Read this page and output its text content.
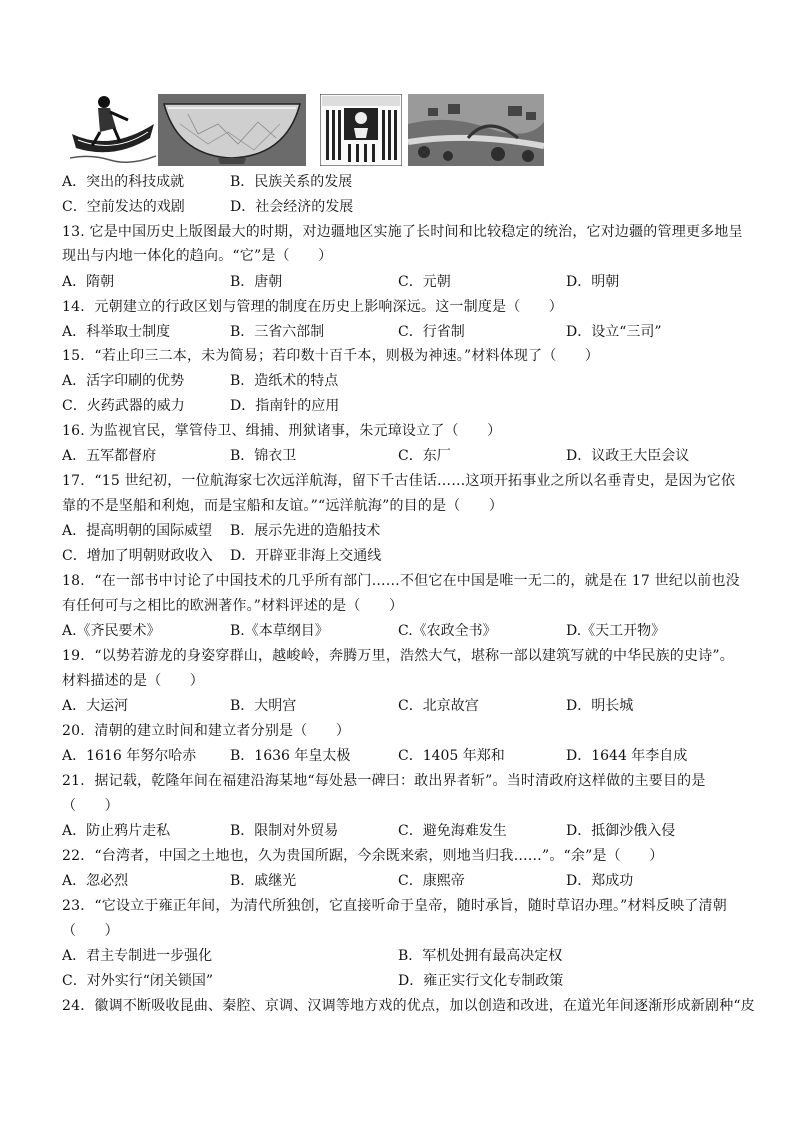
A．突出的科技成就	B．民族关系的发展
C．空前发达的戏剧	D．社会经济的发展
13. 它是中国历史上版图最大的时期，对边疆地区实施了长时间和比较稳定的统治，它对边疆的管理更多地呈
现出与内地一体化的趋向。“它”是（　　）
A．隋朝	B．唐朝	C．元朝	D．明朝
14．元朝建立的行政区划与管理的制度在历史上影响深远。这一制度是（　　）
A．科举取士制度	B．三省六部制	C．行省制	D．设立“三司”
15．“若止印三二本，未为简易；若印数十百千本，则极为神速。”材料体现了（　　）
A．活字印刷的优势	B．造纸术的特点
C．火药武器的威力	D．指南针的应用
16. 为监视官民，掌管侍卫、缉捕、刑狱诸事，朱元璋设立了（　　）
A．五军都督府	B．锦衣卫	C．东厂	D．议政王大臣会议
17．“15 世纪初，一位航海家七次远洋航海，留下千古佳话……这项开拓事业之所以名垂青史，是因为它依
靠的不是坚船和利炮，而是宝船和友谊。”“远洋航海”的目的是（　　）
A．提高明朝的国际威望 B．展示先进的造船技术
C．增加了明朝财政收入 D．开辟亚非海上交通线
18．“在一部书中讨论了中国技术的几乎所有部门……不但它在中国是唯一无二的，就是在 17 世纪以前也没
有任何可与之相比的欧洲著作。”材料评述的是（　　）
A.《齐民要术》	B.《本草纲目》	C.《农政全书》	D.《天工开物》
19．“以势若游龙的身姿穿群山，越峻岭，奔腾万里，浩然大气，堪称一部以建筑写就的中华民族的史诗”。
材料描述的是（　　）
A．大运河	B．大明宫	C．北京故宫	D．明长城
20．清朝的建立时间和建立者分别是（　　）
A．1616 年努尔哈赤 B．1636 年皇太极	C．1405 年郑和	D．1644 年李自成
21．据记载，乾隆年间在福建沿海某地“每处悬一碑曰：敢出界者斩”。当时清政府这样做的主要目的是
（　　）
A．防止鸦片走私	B．限制对外贸易	C．避免海难发生	D．抵御沙俄入侵
22．“台湾者，中国之土地也，久为贵国所踞，今余既来索，则地当归我……”。“余”是（　　）
A．忽必烈	B．戚继光	C．康熙帝	D．郑成功
23．“它设立于雍正年间，为清代所独创，它直接听命于皇帝，随时承旨，随时草诏办理。”材料反映了清朝
（　　）
A．君主专制进一步强化	B．军机处拥有最高决定权
C．对外实行“闭关锁国”	D．雍正实行文化专制政策
24．徽调不断吸收昆曲、秦腔、京调、汉调等地方戏的优点，加以创造和改进，在道光年间逐渐形成新剧种“皮
